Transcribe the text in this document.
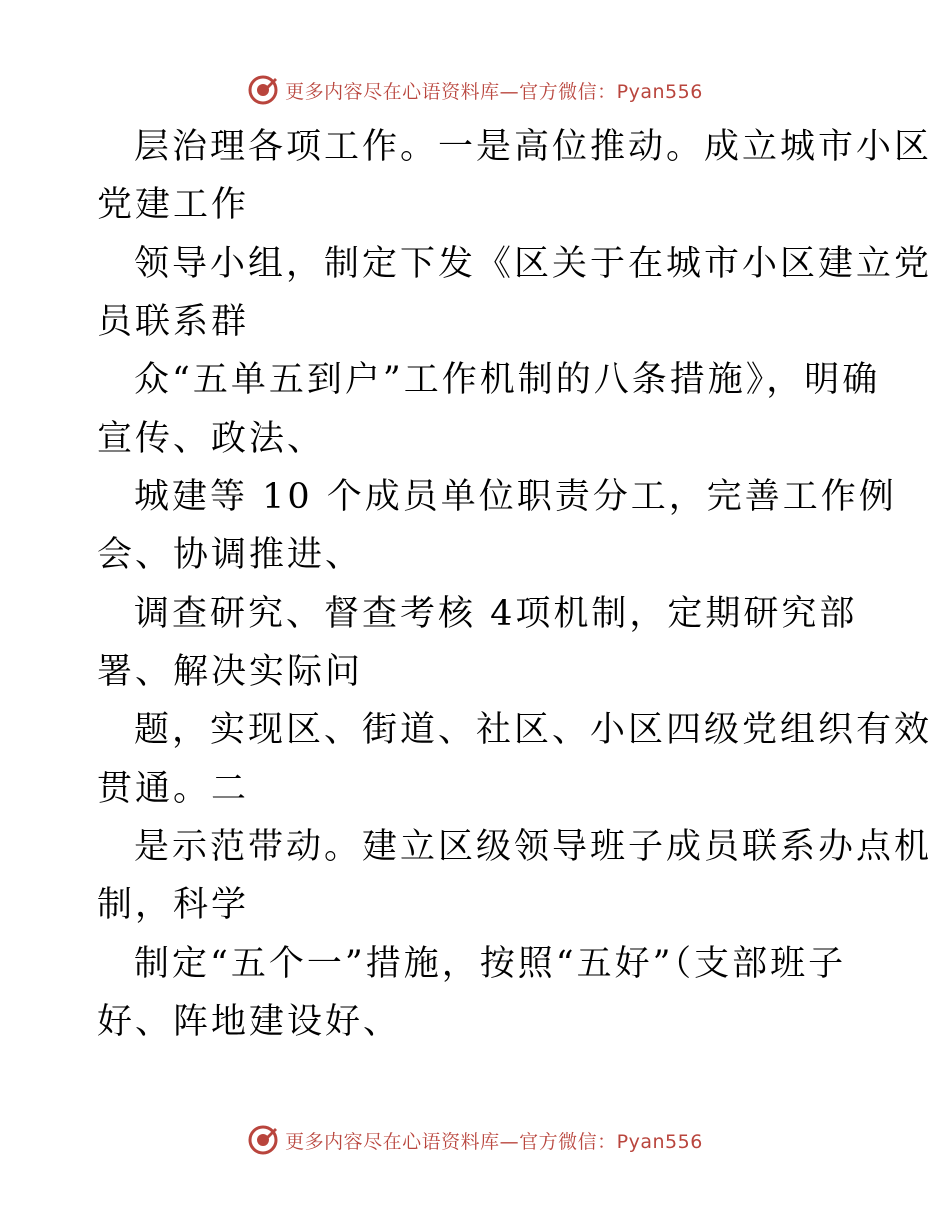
更多内容尽在心语资料库—官方微信：Pyan556
层治理各项工作。一是高位推动。成立城市小区
党建工作
领导小组，制定下发《区关于在城市小区建立党
员联系群
众“五单五到户”工作机制的八条措施》，明确
宣传、政法、
城建等 10 个成员单位职责分工，完善工作例
会、协调推进、
调查研究、督查考核 4项机制，定期研究部
署、解决实际问
题，实现区、街道、社区、小区四级党组织有效
贯通。二
是示范带动。建立区级领导班子成员联系办点机
制，科学
制定“五个一”措施，按照“五好”（支部班子
好、阵地建设好、
更多内容尽在心语资料库—官方微信：Pyan556
